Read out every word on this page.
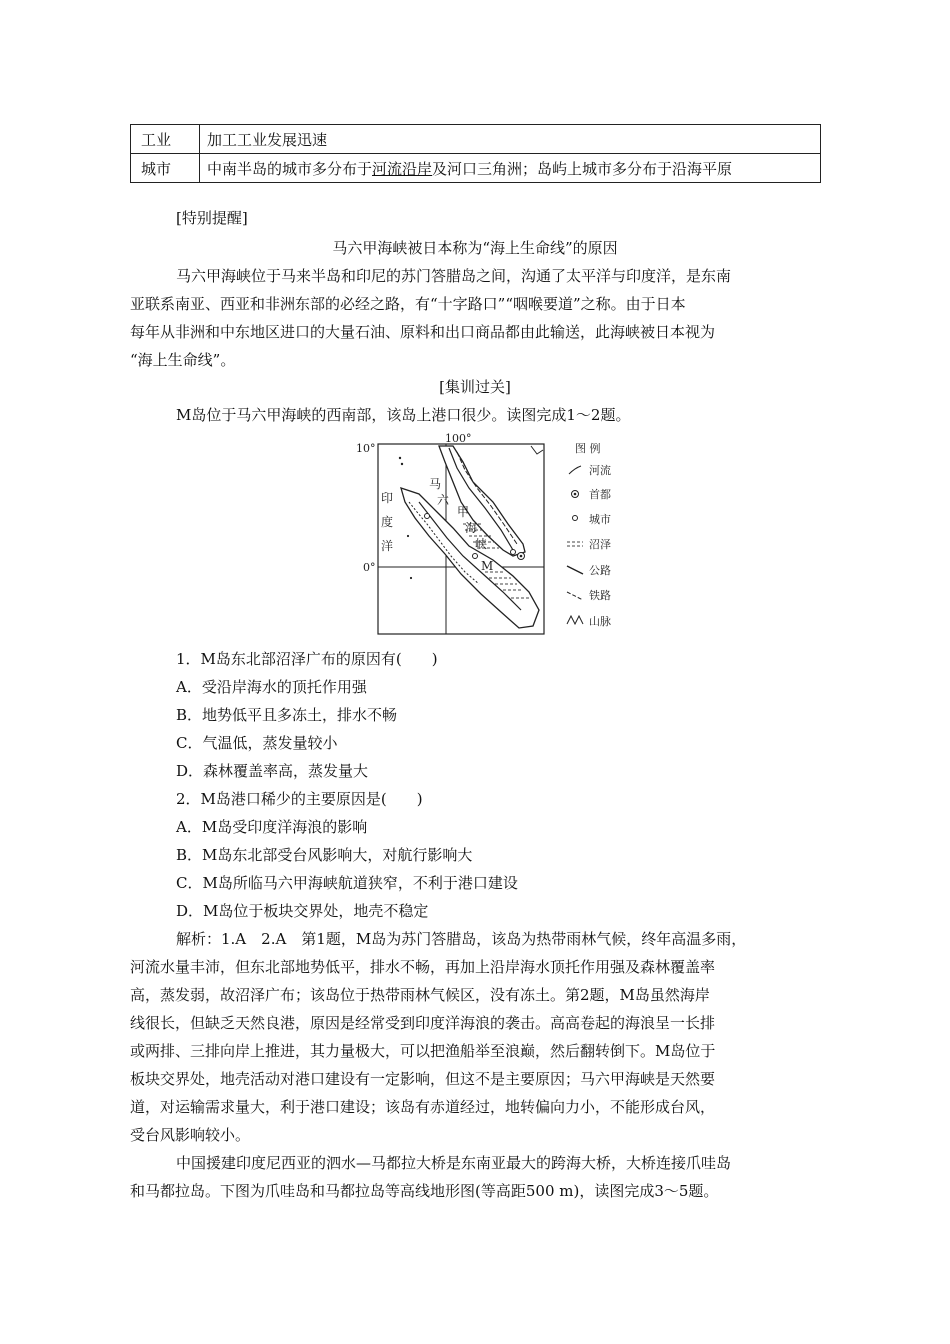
工业	加工工业发展迅速
城市	中南半岛的城市多分布于河流沿岸及河口三角洲；岛屿上城市多分布于沿海平原
[特别提醒]
马六甲海峡被日本称为“海上生命线”的原因
马六甲海峡位于马来半岛和印尼的苏门答腊岛之间，沟通了太平洋与印度洋，是东南
亚联系南亚、西亚和非洲东部的必经之路，有“十字路口”“咽喉要道”之称。由于日本
每年从非洲和中东地区进口的大量石油、原料和出口商品都由此输送，此海峡被日本视为
“海上生命线”。
[集训过关]
M岛位于马六甲海峡的西南部，该岛上港口很少。读图完成1～2题。
10°
0°
100°
印
度
洋
马
六
甲
海
峡
M
图 例
河流
首都
城市
沼泽
公路
铁路
山脉
1．M岛东北部沼泽广布的原因有(　　)
A．受沿岸海水的顶托作用强
B．地势低平且多冻土，排水不畅
C．气温低，蒸发量较小
D．森林覆盖率高，蒸发量大
2．M岛港口稀少的主要原因是(　　)
A．M岛受印度洋海浪的影响
B．M岛东北部受台风影响大，对航行影响大
C．M岛所临马六甲海峡航道狭窄，不利于港口建设
D．M岛位于板块交界处，地壳不稳定
解析：1.A　2.A　第1题，M岛为苏门答腊岛，该岛为热带雨林气候，终年高温多雨，
河流水量丰沛，但东北部地势低平，排水不畅，再加上沿岸海水顶托作用强及森林覆盖率
高，蒸发弱，故沼泽广布；该岛位于热带雨林气候区，没有冻土。第2题，M岛虽然海岸
线很长，但缺乏天然良港，原因是经常受到印度洋海浪的袭击。高高卷起的海浪呈一长排
或两排、三排向岸上推进，其力量极大，可以把渔船举至浪巅，然后翻转倒下。M岛位于
板块交界处，地壳活动对港口建设有一定影响，但这不是主要原因；马六甲海峡是天然要
道，对运输需求量大，利于港口建设；该岛有赤道经过，地转偏向力小，不能形成台风，
受台风影响较小。
中国援建印度尼西亚的泗水—马都拉大桥是东南亚最大的跨海大桥，大桥连接爪哇岛
和马都拉岛。下图为爪哇岛和马都拉岛等高线地形图(等高距500 m)，读图完成3～5题。
